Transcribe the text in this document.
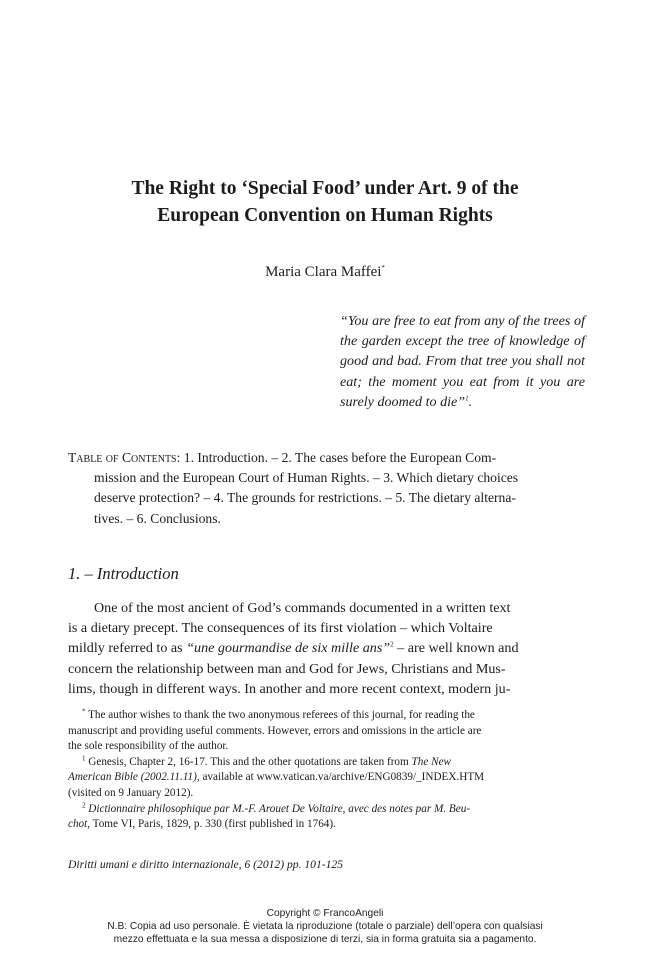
The Right to ‘Special Food’ under Art. 9 of the
European Convention on Human Rights
Maria Clara Maffei*
“You are free to eat from any of the trees of the garden except the tree of knowledge of good and bad. From that tree you shall not eat; the moment you eat from it you are surely doomed to die”$^1$.
Table of Contents: 1. Introduction. – 2. The cases before the European Com-
mission and the European Court of Human Rights. – 3. Which dietary choices
deserve protection? – 4. The grounds for restrictions. – 5. The dietary alterna-
tives. – 6. Conclusions.
1. – Introduction
One of the most ancient of God’s commands documented in a written text
is a dietary precept. The consequences of its first violation – which Voltaire
mildly referred to as “une gourmandise de six mille ans”$^2$ – are well known and
concern the relationship between man and God for Jews, Christians and Mus-
lims, though in different ways. In another and more recent context, modern ju-
* The author wishes to thank the two anonymous referees of this journal, for reading the
manuscript and providing useful comments. However, errors and omissions in the article are
the sole responsibility of the author.
$^1$ Genesis, Chapter 2, 16-17. This and the other quotations are taken from The New
American Bible (2002.11.11), available at www.vatican.va/archive/ENG0839/_INDEX.HTM
(visited on 9 January 2012).
$^2$ Dictionnaire philosophique par M.-F. Arouet De Voltaire, avec des notes par M. Beu-
chot, Tome VI, Paris, 1829, p. 330 (first published in 1764).
Diritti umani e diritto internazionale, 6 (2012) pp. 101-125
Copyright © FrancoAngeli
N.B: Copia ad uso personale. È vietata la riproduzione (totale o parziale) dell’opera con qualsiasi
mezzo effettuata e la sua messa a disposizione di terzi, sia in forma gratuita sia a pagamento.
